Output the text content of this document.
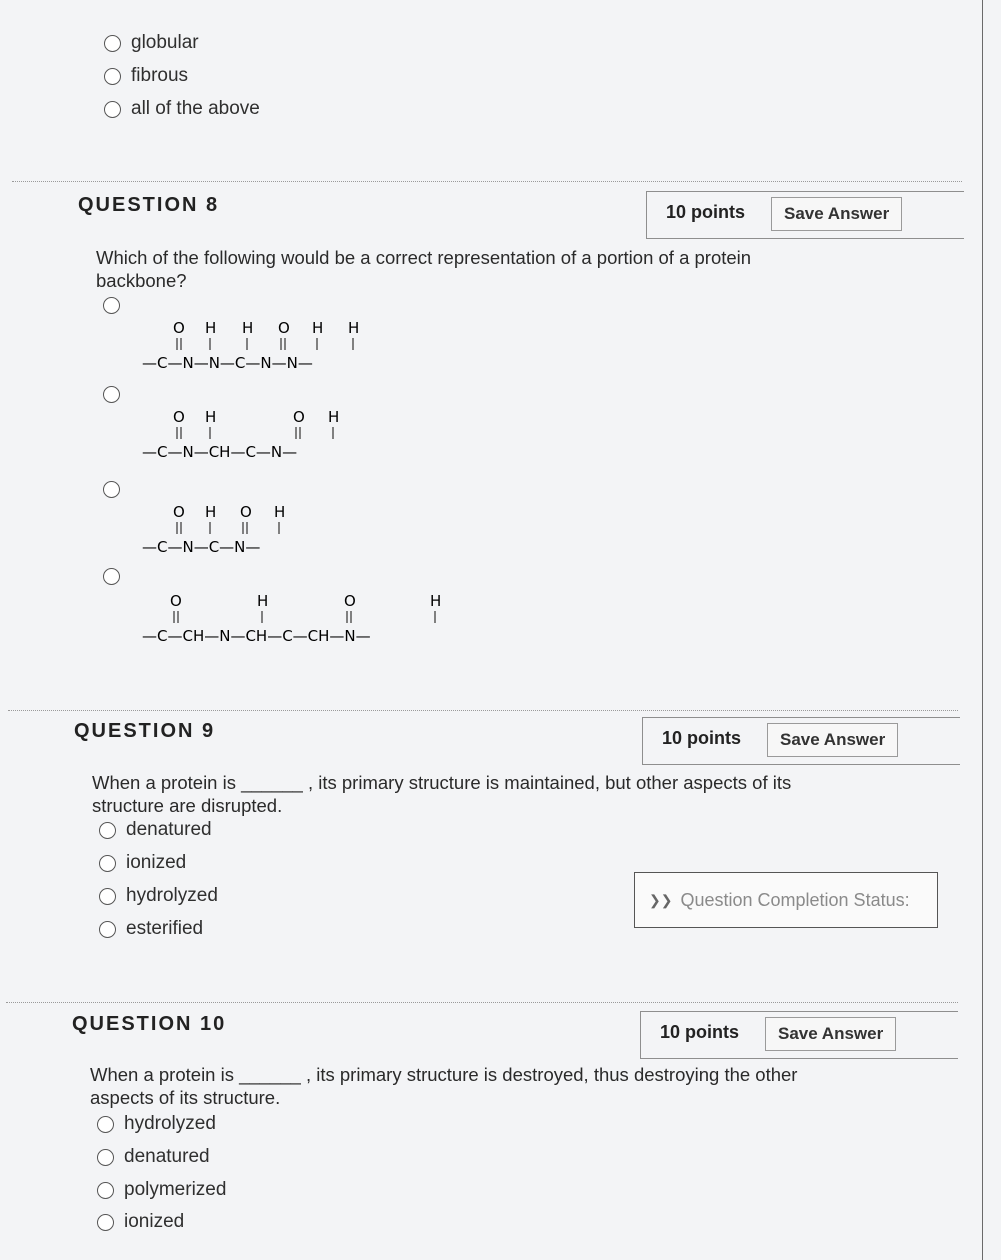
globular
fibrous
all of the above
QUESTION 8	10 points	Save Answer
Which of the following would be a correct representation of a portion of a protein
backbone?
O H H O H H
—C—N—N—C—N—N—
O H	O H
—C—N—CH—C—N—
O H O H
—C—N—C—N—
O	H	O	H
—C—CH—N—CH—C—CH—N—
QUESTION 9	10 points	Save Answer
When a protein is ______ , its primary structure is maintained, but other aspects of its
structure are disrupted.
denatured
ionized
hydrolyzed
esterified
❯❯ Question Completion Status:
QUESTION 10	10 points	Save Answer
When a protein is ______ , its primary structure is destroyed, thus destroying the other
aspects of its structure.
hydrolyzed
denatured
polymerized
ionized
